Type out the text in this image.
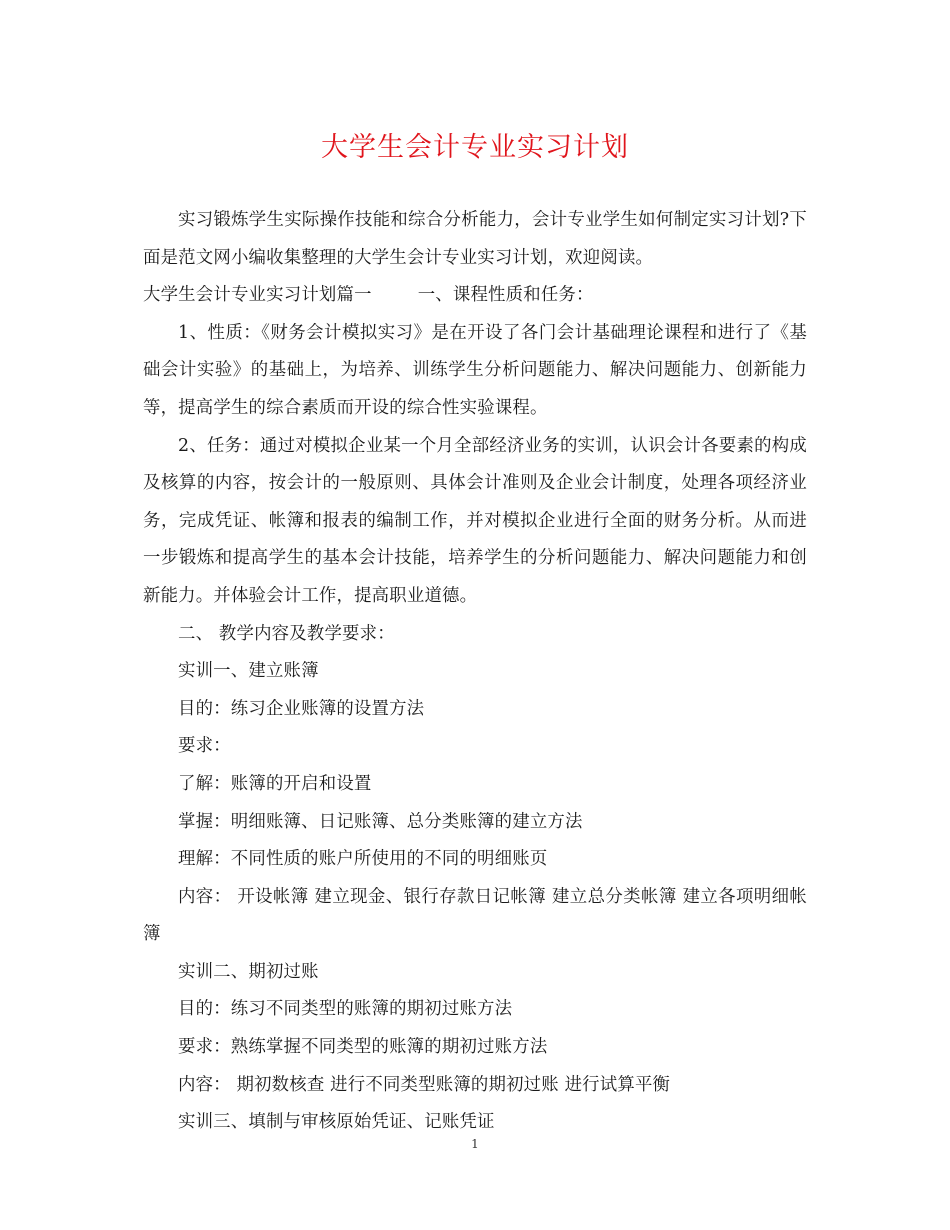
大学生会计专业实习计划

实习锻炼学生实际操作技能和综合分析能力，会计专业学生如何制定实习计划?下面是范文网小编收集整理的大学生会计专业实习计划，欢迎阅读。

大学生会计专业实习计划篇一	一、课程性质和任务：

1、性质：《财务会计模拟实习》是在开设了各门会计基础理论课程和进行了《基础会计实验》的基础上，为培养、训练学生分析问题能力、解决问题能力、创新能力等，提高学生的综合素质而开设的综合性实验课程。

2、任务：通过对模拟企业某一个月全部经济业务的实训，认识会计各要素的构成及核算的内容，按会计的一般原则、具体会计准则及企业会计制度，处理各项经济业务，完成凭证、帐簿和报表的编制工作，并对模拟企业进行全面的财务分析。从而进一步锻炼和提高学生的基本会计技能，培养学生的分析问题能力、解决问题能力和创新能力。并体验会计工作，提高职业道德。

二、 教学内容及教学要求：

实训一、建立账簿

目的：练习企业账簿的设置方法

要求：

了解：账簿的开启和设置

掌握：明细账簿、日记账簿、总分类账簿的建立方法

理解：不同性质的账户所使用的不同的明细账页

内容： 开设帐簿 建立现金、银行存款日记帐簿 建立总分类帐簿 建立各项明细帐簿

实训二、期初过账

目的：练习不同类型的账簿的期初过账方法

要求：熟练掌握不同类型的账簿的期初过账方法

内容： 期初数核查 进行不同类型账簿的期初过账 进行试算平衡

实训三、填制与审核原始凭证、记账凭证

1
